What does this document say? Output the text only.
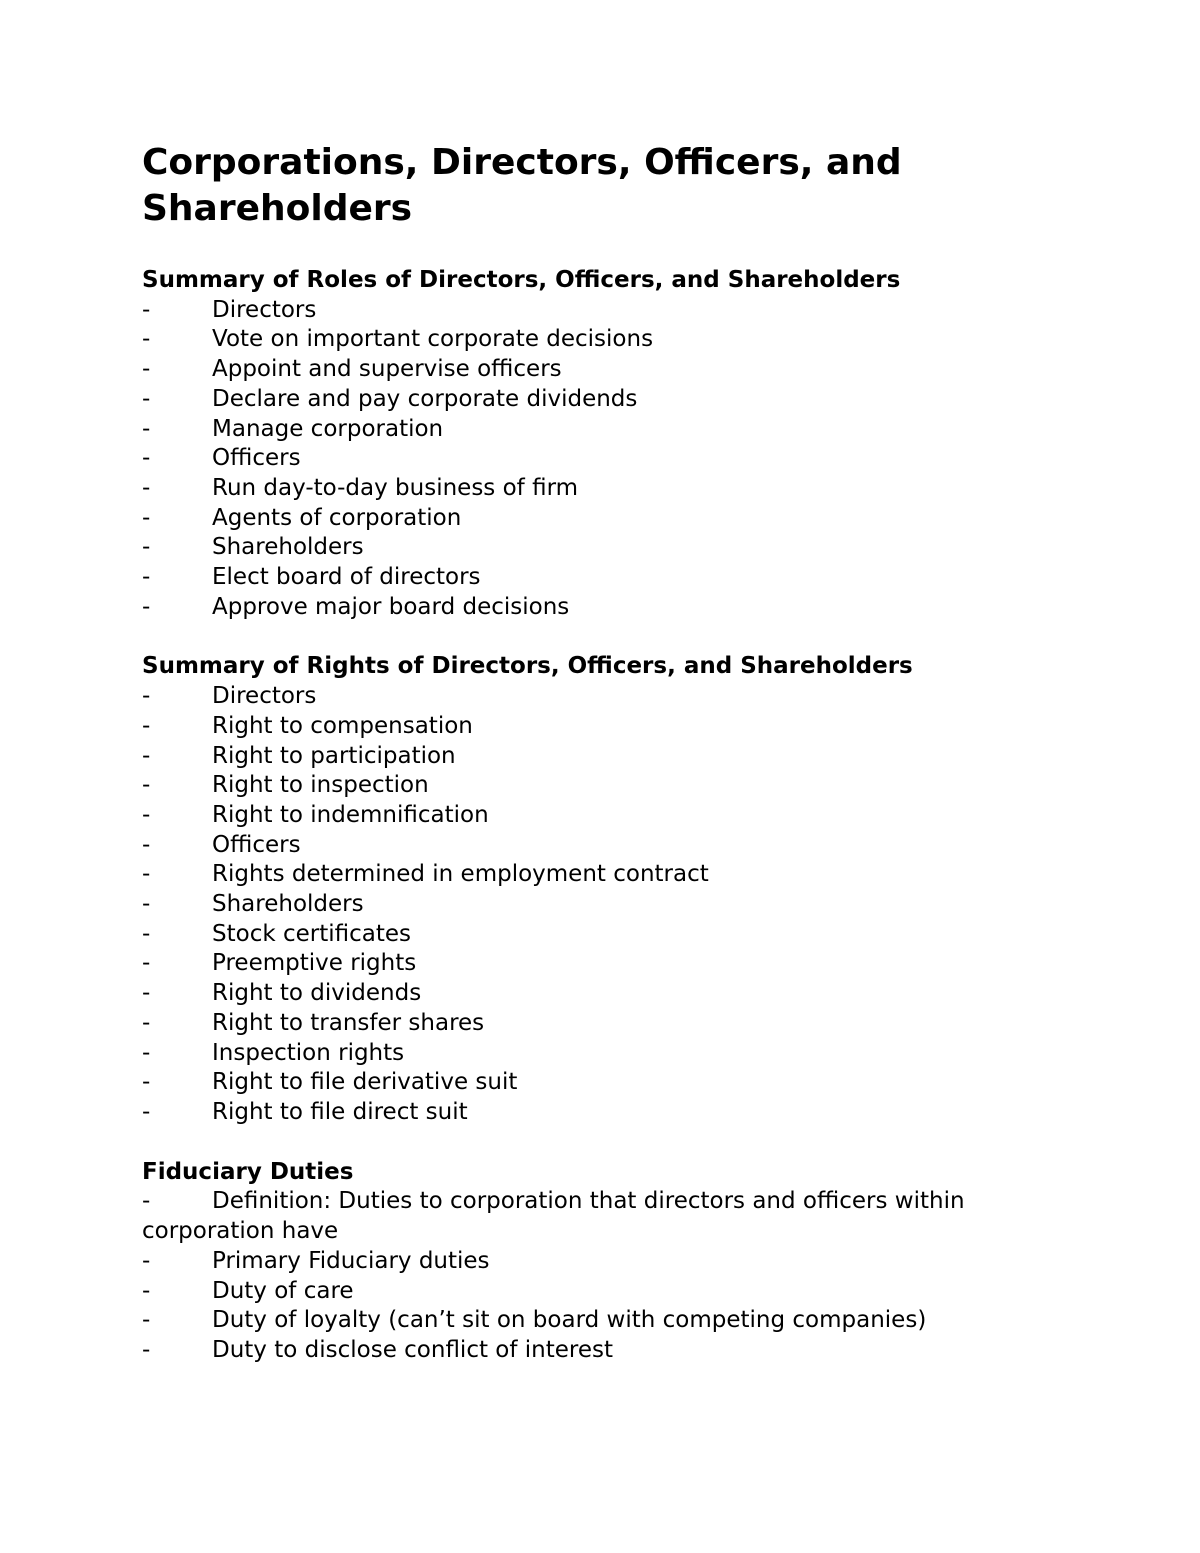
Corporations, Directors, Officers, and Shareholders

Summary of Roles of Directors, Officers, and Shareholders

-	Directors

-	Vote on important corporate decisions

-	Appoint and supervise officers

-	Declare and pay corporate dividends

-	Manage corporation

-	Officers

-	Run day-to-day business of firm

-	Agents of corporation

-	Shareholders

-	Elect board of directors

-	Approve major board decisions

Summary of Rights of Directors, Officers, and Shareholders

-	Directors

-	Right to compensation

-	Right to participation

-	Right to inspection

-	Right to indemnification

-	Officers

-	Rights determined in employment contract

-	Shareholders

-	Stock certificates

-	Preemptive rights

-	Right to dividends

-	Right to transfer shares

-	Inspection rights

-	Right to file derivative suit

-	Right to file direct suit

Fiduciary Duties

-	Definition: Duties to corporation that directors and officers within corporation have

-	Primary Fiduciary duties

-	Duty of care

-	Duty of loyalty (can’t sit on board with competing companies)

-	Duty to disclose conflict of interest
